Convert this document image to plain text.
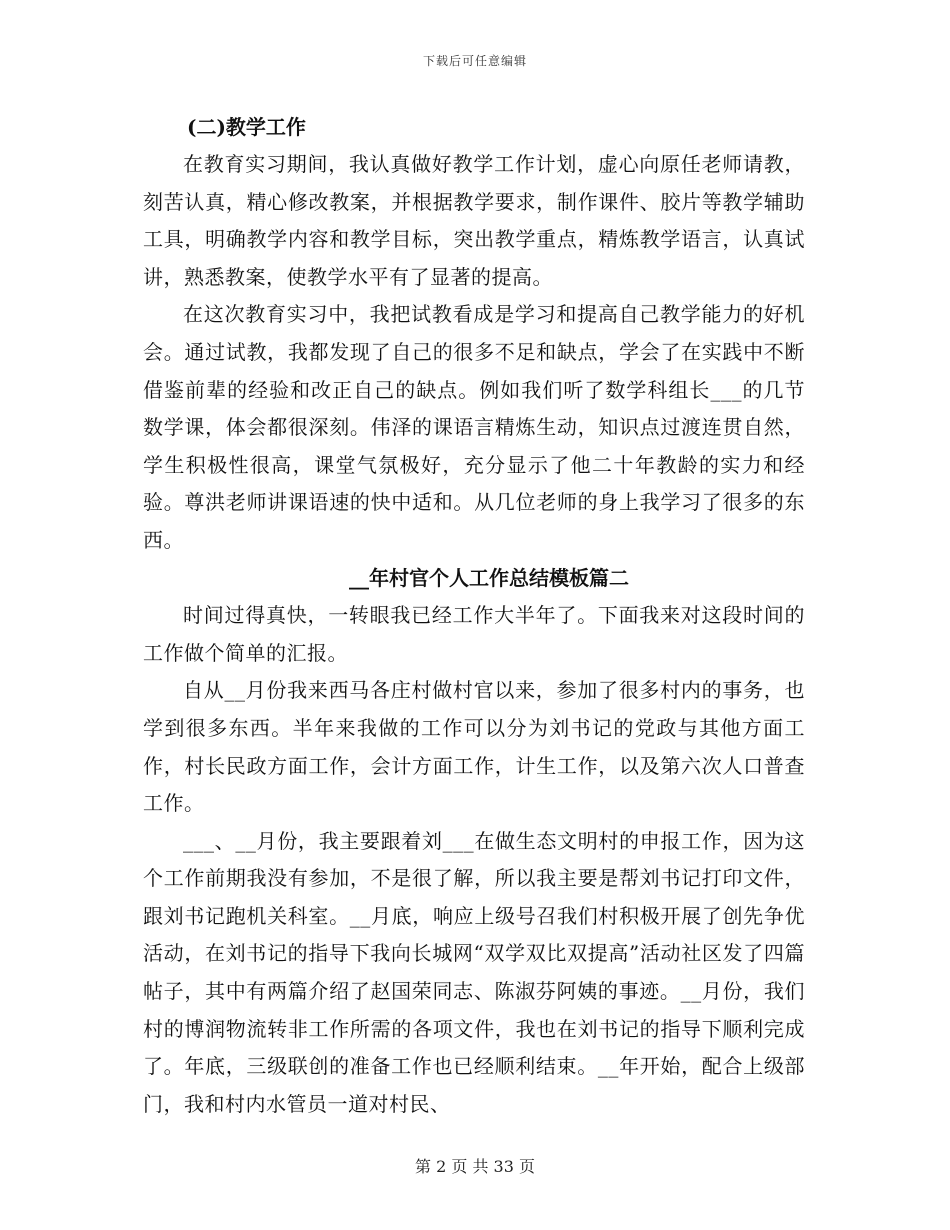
下载后可任意编辑

(二)教学工作

在教育实习期间，我认真做好教学工作计划，虚心向原任老师请教，刻苦认真，精心修改教案，并根据教学要求，制作课件、胶片等教学辅助工具，明确教学内容和教学目标，突出教学重点，精炼教学语言，认真试讲，熟悉教案，使教学水平有了显著的提高。

在这次教育实习中，我把试教看成是学习和提高自己教学能力的好机会。通过试教，我都发现了自己的很多不足和缺点，学会了在实践中不断借鉴前辈的经验和改正自己的缺点。例如我们听了数学科组长___的几节数学课，体会都很深刻。伟泽的课语言精炼生动，知识点过渡连贯自然，学生积极性很高，课堂气氛极好，充分显示了他二十年教龄的实力和经验。尊洪老师讲课语速的快中适和。从几位老师的身上我学习了很多的东西。

__年村官个人工作总结模板篇二

时间过得真快，一转眼我已经工作大半年了。下面我来对这段时间的工作做个简单的汇报。

自从__月份我来西马各庄村做村官以来，参加了很多村内的事务，也学到很多东西。半年来我做的工作可以分为刘书记的党政与其他方面工作，村长民政方面工作，会计方面工作，计生工作，以及第六次人口普查工作。

___、__月份，我主要跟着刘___在做生态文明村的申报工作，因为这个工作前期我没有参加，不是很了解，所以我主要是帮刘书记打印文件，跟刘书记跑机关科室。__月底，响应上级号召我们村积极开展了创先争优活动，在刘书记的指导下我向长城网“双学双比双提高”活动社区发了四篇帖子，其中有两篇介绍了赵国荣同志、陈淑芬阿姨的事迹。__月份，我们村的博润物流转非工作所需的各项文件，我也在刘书记的指导下顺利完成了。年底，三级联创的准备工作也已经顺利结束。__年开始，配合上级部门，我和村内水管员一道对村民、

第 2 页 共 33 页
